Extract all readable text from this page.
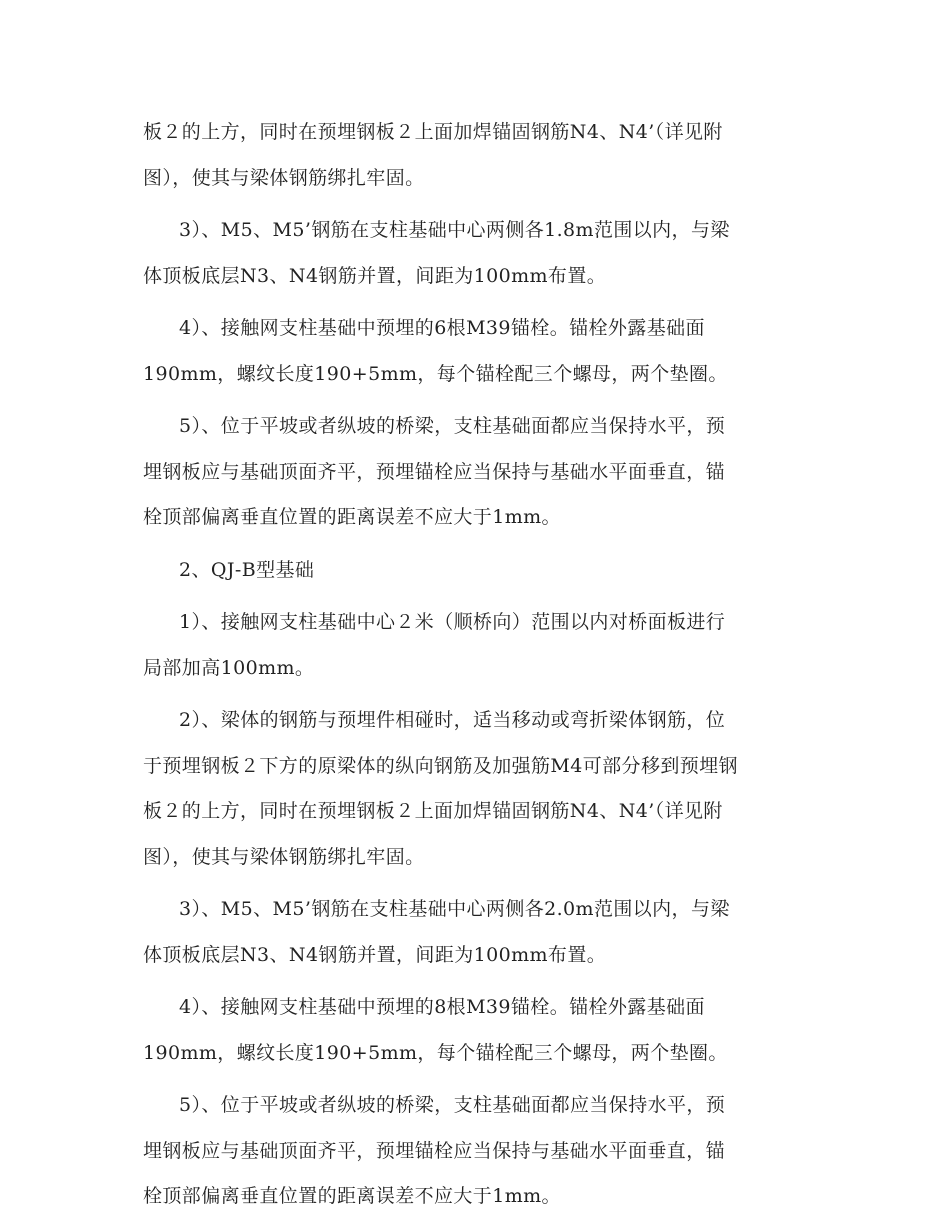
板２的上方，同时在预埋钢板２上面加焊锚固钢筋N4、N4’（详见附
图），使其与梁体钢筋绑扎牢固。

3）、M5、M5’钢筋在支柱基础中心两侧各1.8m范围以内，与梁
体顶板底层N3、N4钢筋并置，间距为100mm布置。

4）、接触网支柱基础中预埋的6根M39锚栓。锚栓外露基础面
190mm，螺纹长度190+5mm，每个锚栓配三个螺母，两个垫圈。

5）、位于平坡或者纵坡的桥梁，支柱基础面都应当保持水平，预
埋钢板应与基础顶面齐平，预埋锚栓应当保持与基础水平面垂直，锚
栓顶部偏离垂直位置的距离误差不应大于1mm。

2、QJ-B型基础

1）、接触网支柱基础中心２米（顺桥向）范围以内对桥面板进行
局部加高100mm。

2）、梁体的钢筋与预埋件相碰时，适当移动或弯折梁体钢筋，位
于预埋钢板２下方的原梁体的纵向钢筋及加强筋M4可部分移到预埋钢
板２的上方，同时在预埋钢板２上面加焊锚固钢筋N4、N4’（详见附
图），使其与梁体钢筋绑扎牢固。

3）、M5、M5’钢筋在支柱基础中心两侧各2.0m范围以内，与梁
体顶板底层N3、N4钢筋并置，间距为100mm布置。

4）、接触网支柱基础中预埋的8根M39锚栓。锚栓外露基础面
190mm，螺纹长度190+5mm，每个锚栓配三个螺母，两个垫圈。

5）、位于平坡或者纵坡的桥梁，支柱基础面都应当保持水平，预
埋钢板应与基础顶面齐平，预埋锚栓应当保持与基础水平面垂直，锚
栓顶部偏离垂直位置的距离误差不应大于1mm。
